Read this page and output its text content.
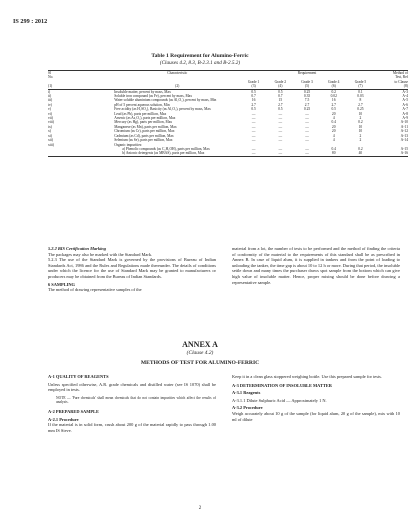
IS 299 : 2012
Table 1 Requirement for Alumino-Ferric
(Clauses 4.2, 8.3, B-2.3.1 and B-2.5.2)
Sl
No.	Characteristic	Requirement					Method of
Test, Ref
		Grade 1	Grade 2	Grade 3	Grade 4	Grade 5	to Clause
(1)	(2)	(3)	(4)	(5)	(6)	(7)	(8)
i)	Insoluble matter, percent by mass, Max	0.5	0.5	0.25	0.2	0.1	A-3
ii)	Soluble iron compound (as Fe), percent by mass, Max	0.7	0.7	0.35	0.02	0.03	A-4
iii)	Water soluble aluminium compounds (as Al₂O₃), percent by mass, Min	16	15	7.5	16	8	A-5
iv)	pH of 5 percent aqueous solution, Min	2.7	2.7	2.7	2.7	2.7	A-6
v)	Free acidity (as H₂SO₄), Basicity (as Al₂O₃), percent by mass, Max	0.5	0.5	0.25	0.5	0.25	A-7
vi)	Lead (as Pb), parts per million, Max	—	—	—	20	10	A-8
vii)	Arsenic (as As₂O₃), parts per million, Max	—	—	—	4	2	A-9
viii)	Mercury (as Hg), parts per million, Max	—	—	—	0.4	0.2	A-10
ix)	Manganese (as Mn), parts per million, Max	—	—	—	20	10	A-11
x)	Chromium (as Cr), parts per million, Max	—	—	—	20	10	A-12
xi)	Cadmium (as Cd), parts per million, Max	—	—	—	4	2	A-13
xii)	Selenium (as Se), parts per million, Max	—	—	—	4	2	A-14
xiii)	Organic impurities:						
	a) Phenolic compounds (as C₆H₅OH), parts per million, Max	—	—	—	0.4	0.2	A-15
	b) Anionic detergents (as MBAS), parts per million, Max	—	—	—	80	40	A-16
5.2.2 BIS Certification Marking
The packages may also be marked with the Standard Mark.
5.2.3 The use of the Standard Mark is governed by the provisions of Bureau of Indian Standards Act, 1986 and the Rules and Regulations made thereunder. The details of conditions under which the licence for the use of Standard Mark may be granted to manufacturers or producers may be obtained from the Bureau of Indian Standards.
6 SAMPLING
The method of drawing representative samples of the
material from a lot, the number of tests to be performed and the method of finding the criteria of conformity of the material to the requirements of this standard shall be as prescribed in Annex B. In case of liquid alum, it is supplied in tankers and from the point of loading to unloading the tanker, the time gap is about 10 to 12 h or more. During that period, the insoluble settle down and many times the purchaser draws spot sample from the bottom which can give high value of insoluble matter. Hence, proper mixing should be done before drawing a representative sample.
ANNEX A
(Clause 4.2)
METHODS OF TEST FOR ALUMINO-FERRIC
A-1 QUALITY OF REAGENTS
Unless specified otherwise, A.R. grade chemicals and distilled water (see IS 1070) shall be employed in tests.
NOTE — 'Pure chemicals' shall mean chemicals that do not contain impurities which affect the results of analysis.
A-2 PREPARED SAMPLE
A-2.1 Procedure
If the material is in solid form, crush about 200 g of the material rapidly to pass through 1.00 mm IS Sieve.
Keep it in a clean glass stoppered weighing bottle. Use this prepared sample for tests.
A-3 DETERMINATION OF INSOLUBLE MATTER
A-3.1 Reagents
A-3.1.1 Dilute Sulphuric Acid — Approximately 1 N.
A-3.2 Procedure
Weigh accurately about 10 g of the sample (for liquid alum, 20 g of the sample), mix with 10 ml of dilute
2
